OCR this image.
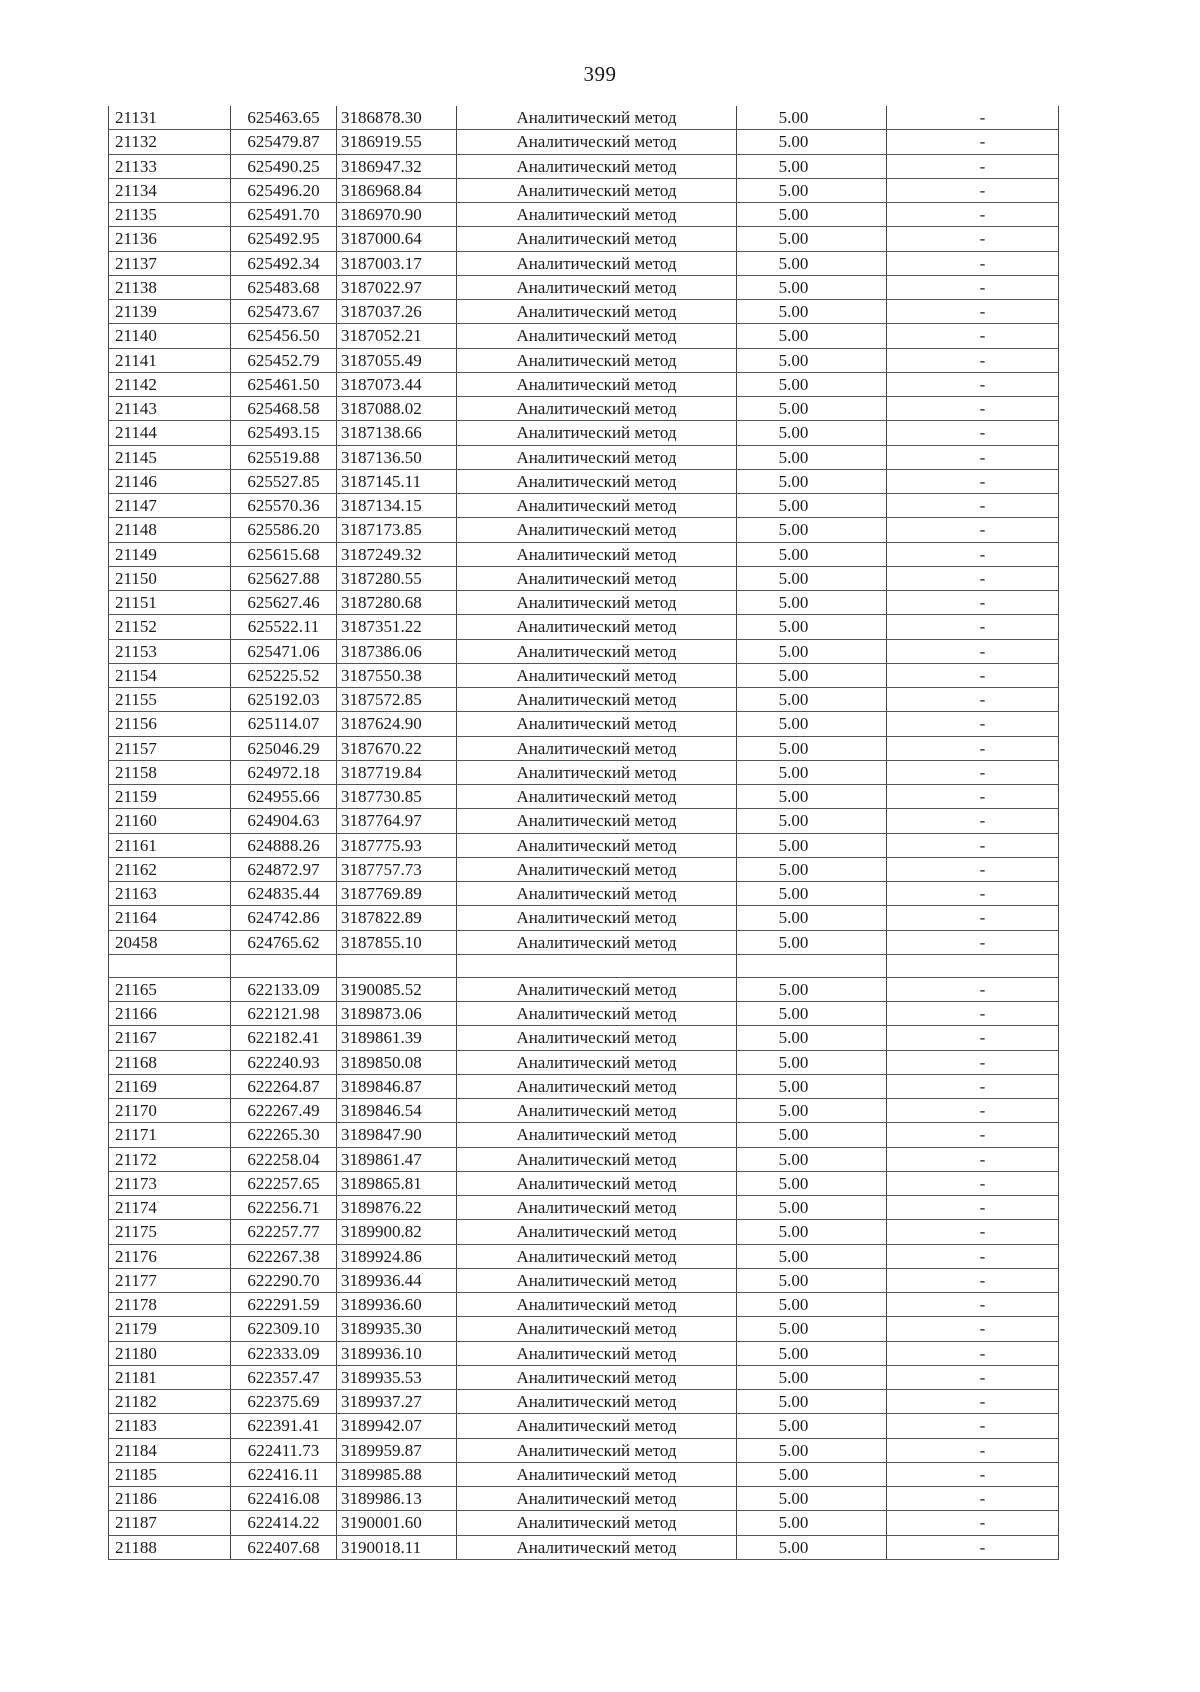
399
21131	625463.65	3186878.30	Аналитический метод	5.00	-
21132	625479.87	3186919.55	Аналитический метод	5.00	-
21133	625490.25	3186947.32	Аналитический метод	5.00	-
21134	625496.20	3186968.84	Аналитический метод	5.00	-
21135	625491.70	3186970.90	Аналитический метод	5.00	-
21136	625492.95	3187000.64	Аналитический метод	5.00	-
21137	625492.34	3187003.17	Аналитический метод	5.00	-
21138	625483.68	3187022.97	Аналитический метод	5.00	-
21139	625473.67	3187037.26	Аналитический метод	5.00	-
21140	625456.50	3187052.21	Аналитический метод	5.00	-
21141	625452.79	3187055.49	Аналитический метод	5.00	-
21142	625461.50	3187073.44	Аналитический метод	5.00	-
21143	625468.58	3187088.02	Аналитический метод	5.00	-
21144	625493.15	3187138.66	Аналитический метод	5.00	-
21145	625519.88	3187136.50	Аналитический метод	5.00	-
21146	625527.85	3187145.11	Аналитический метод	5.00	-
21147	625570.36	3187134.15	Аналитический метод	5.00	-
21148	625586.20	3187173.85	Аналитический метод	5.00	-
21149	625615.68	3187249.32	Аналитический метод	5.00	-
21150	625627.88	3187280.55	Аналитический метод	5.00	-
21151	625627.46	3187280.68	Аналитический метод	5.00	-
21152	625522.11	3187351.22	Аналитический метод	5.00	-
21153	625471.06	3187386.06	Аналитический метод	5.00	-
21154	625225.52	3187550.38	Аналитический метод	5.00	-
21155	625192.03	3187572.85	Аналитический метод	5.00	-
21156	625114.07	3187624.90	Аналитический метод	5.00	-
21157	625046.29	3187670.22	Аналитический метод	5.00	-
21158	624972.18	3187719.84	Аналитический метод	5.00	-
21159	624955.66	3187730.85	Аналитический метод	5.00	-
21160	624904.63	3187764.97	Аналитический метод	5.00	-
21161	624888.26	3187775.93	Аналитический метод	5.00	-
21162	624872.97	3187757.73	Аналитический метод	5.00	-
21163	624835.44	3187769.89	Аналитический метод	5.00	-
21164	624742.86	3187822.89	Аналитический метод	5.00	-
20458	624765.62	3187855.10	Аналитический метод	5.00	-

21165	622133.09	3190085.52	Аналитический метод	5.00	-
21166	622121.98	3189873.06	Аналитический метод	5.00	-
21167	622182.41	3189861.39	Аналитический метод	5.00	-
21168	622240.93	3189850.08	Аналитический метод	5.00	-
21169	622264.87	3189846.87	Аналитический метод	5.00	-
21170	622267.49	3189846.54	Аналитический метод	5.00	-
21171	622265.30	3189847.90	Аналитический метод	5.00	-
21172	622258.04	3189861.47	Аналитический метод	5.00	-
21173	622257.65	3189865.81	Аналитический метод	5.00	-
21174	622256.71	3189876.22	Аналитический метод	5.00	-
21175	622257.77	3189900.82	Аналитический метод	5.00	-
21176	622267.38	3189924.86	Аналитический метод	5.00	-
21177	622290.70	3189936.44	Аналитический метод	5.00	-
21178	622291.59	3189936.60	Аналитический метод	5.00	-
21179	622309.10	3189935.30	Аналитический метод	5.00	-
21180	622333.09	3189936.10	Аналитический метод	5.00	-
21181	622357.47	3189935.53	Аналитический метод	5.00	-
21182	622375.69	3189937.27	Аналитический метод	5.00	-
21183	622391.41	3189942.07	Аналитический метод	5.00	-
21184	622411.73	3189959.87	Аналитический метод	5.00	-
21185	622416.11	3189985.88	Аналитический метод	5.00	-
21186	622416.08	3189986.13	Аналитический метод	5.00	-
21187	622414.22	3190001.60	Аналитический метод	5.00	-
21188	622407.68	3190018.11	Аналитический метод	5.00	-
